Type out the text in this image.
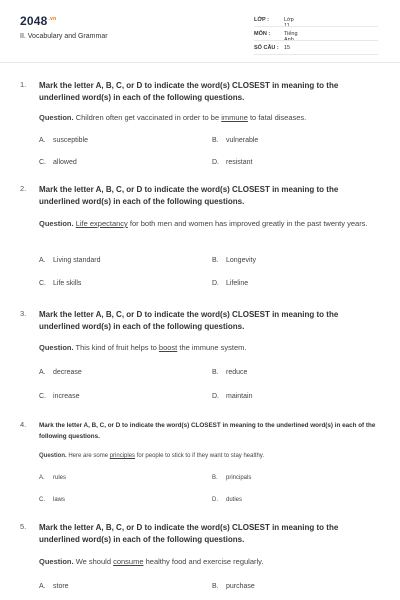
$2048^{.vn}$
II. Vocabulary and Grammar
LỚP :	Lớp 11
MÔN :	Tiếng Anh
SỐ CÂU : 15
1. Mark the letter A, B, C, or D to indicate the word(s) CLOSEST in meaning to the underlined word(s) in each of the following questions.
Question. Children often get vaccinated in order to be immune to fatal diseases.
A. susceptible	B. vulnerable
C. allowed	D. resistant
2. Mark the letter A, B, C, or D to indicate the word(s) CLOSEST in meaning to the underlined word(s) in each of the following questions.
Question. Life expectancy for both men and women has improved greatly in the past twenty years.
A. Living standard	B. Longevity
C. Life skills	D. Lifeline
3. Mark the letter A, B, C, or D to indicate the word(s) CLOSEST in meaning to the underlined word(s) in each of the following questions.
Question. This kind of fruit helps to boost the immune system.
A. decrease	B. reduce
C. increase	D. maintain
4. Mark the letter A, B, C, or D to indicate the word(s) CLOSEST in meaning to the underlined word(s) in each of the following questions.
Question. Here are some principles for people to stick to if they want to stay healthy.
A. rules	B. principals
C. laws	D. duties
5. Mark the letter A, B, C, or D to indicate the word(s) CLOSEST in meaning to the underlined word(s) in each of the following questions.
Question. We should consume healthy food and exercise regularly.
A. store	B. purchase
